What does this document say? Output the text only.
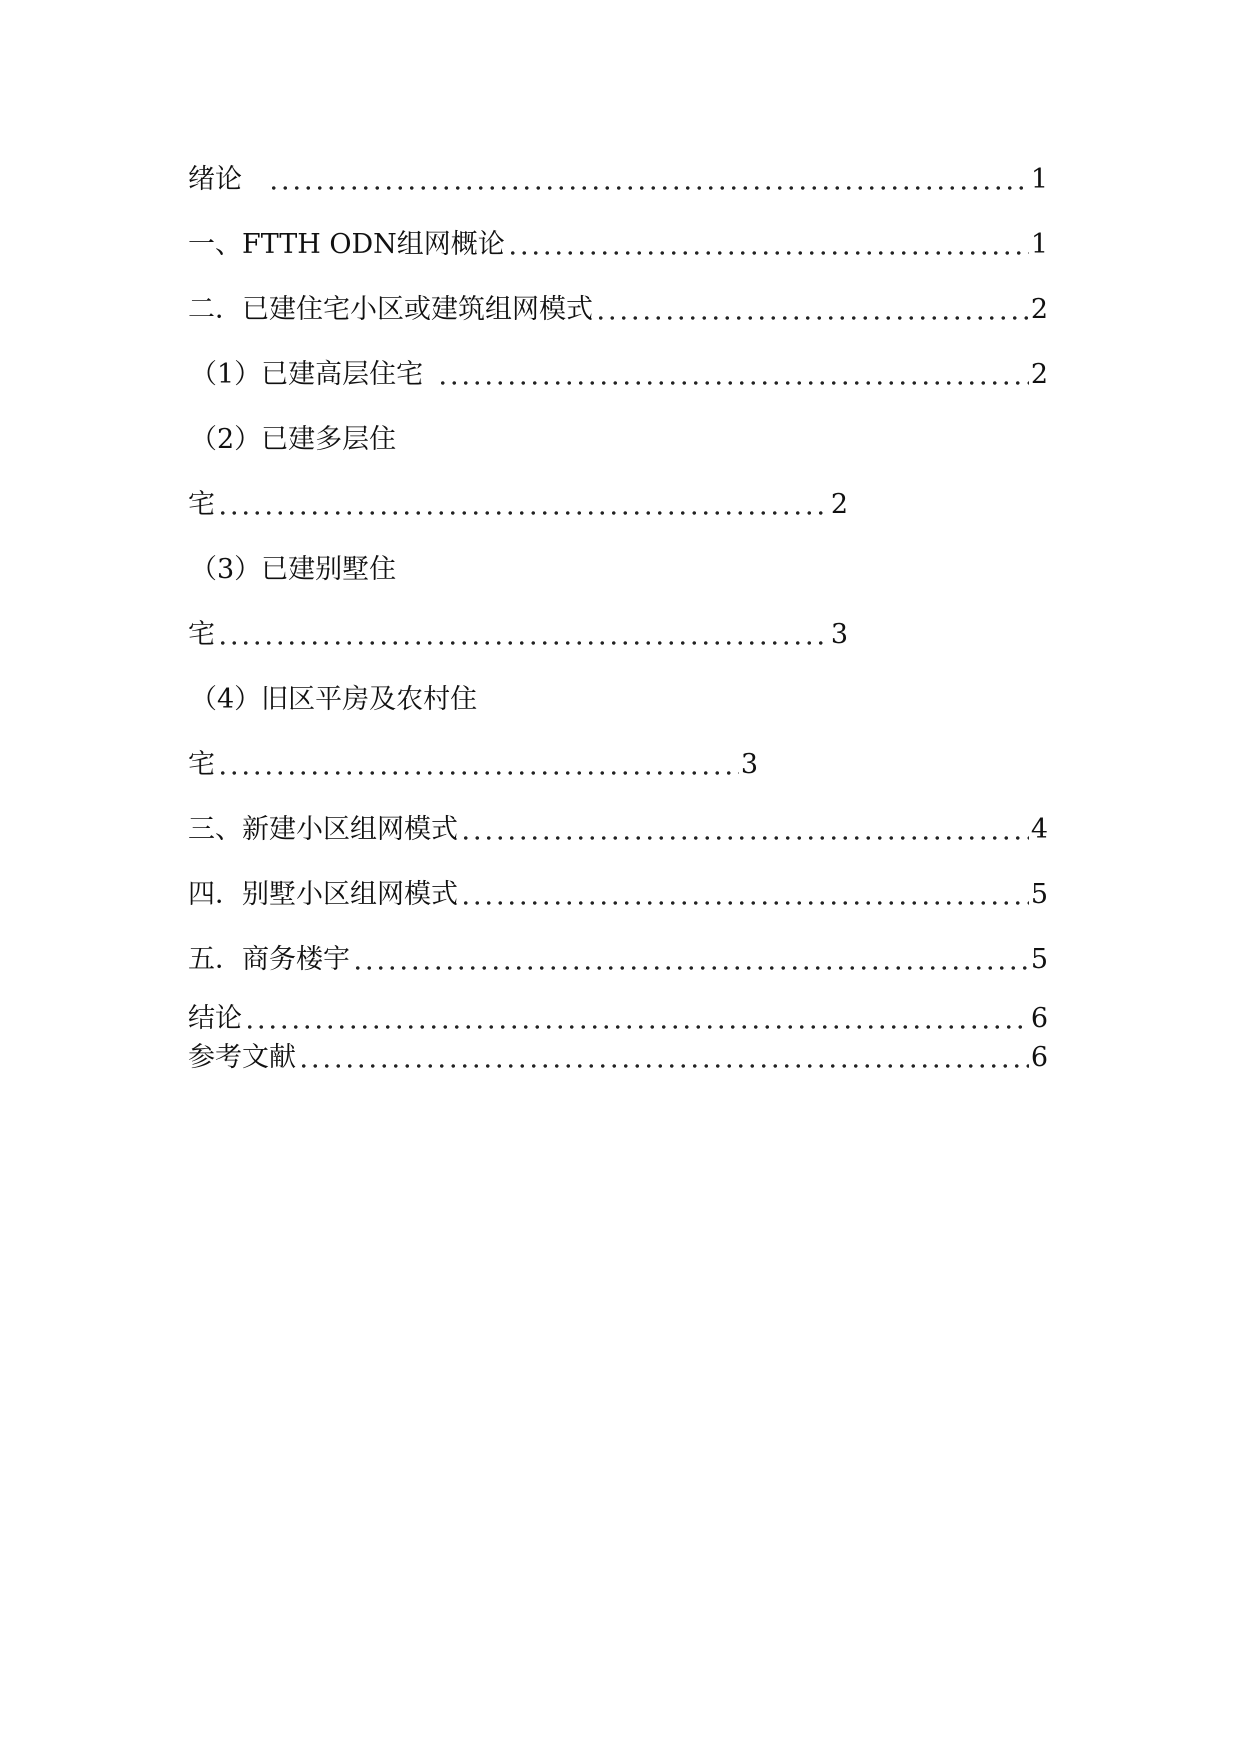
绪论	1
一、FTTH ODN组网概论	1
二．已建住宅小区或建筑组网模式	2
（1）已建高层住宅	2
（2）已建多层住
宅	2
（3）已建别墅住
宅	3
（4）旧区平房及农村住
宅	3
三、新建小区组网模式	4
四．别墅小区组网模式	5
五．商务楼宇	5
结论	6
参考文献	6
